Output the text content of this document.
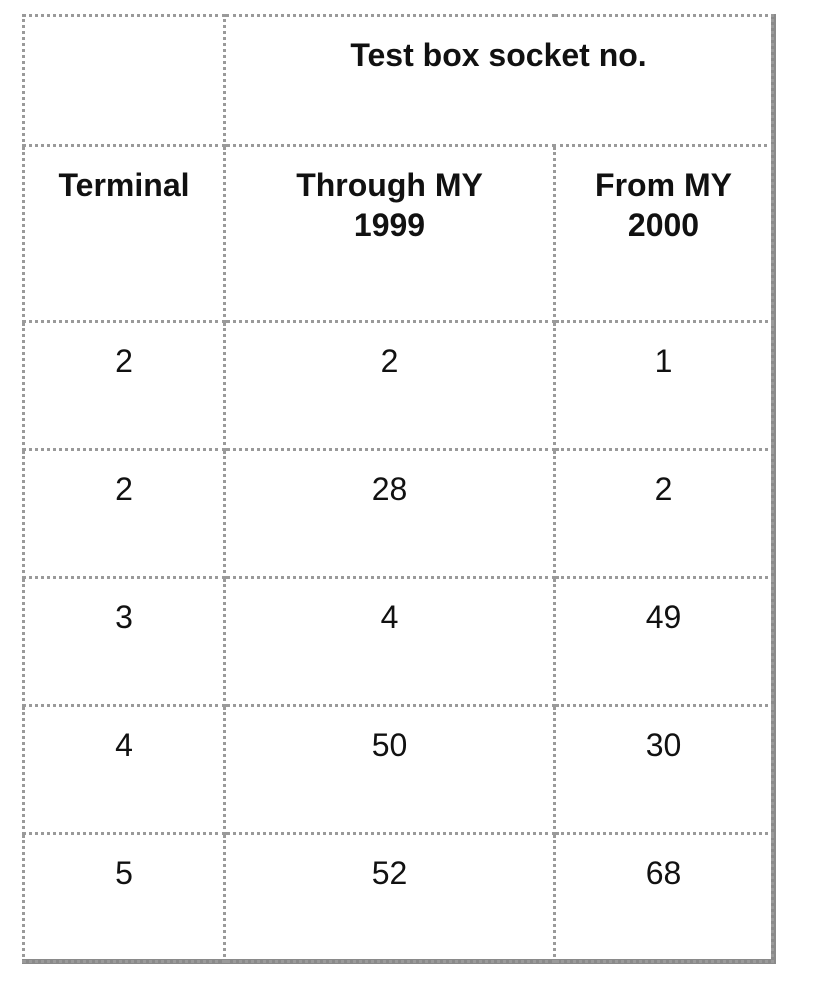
	Test box socket no.	
Terminal	Through MY 1999	From MY 2000
2	2	1
2	28	2
3	4	49
4	50	30
5	52	68
